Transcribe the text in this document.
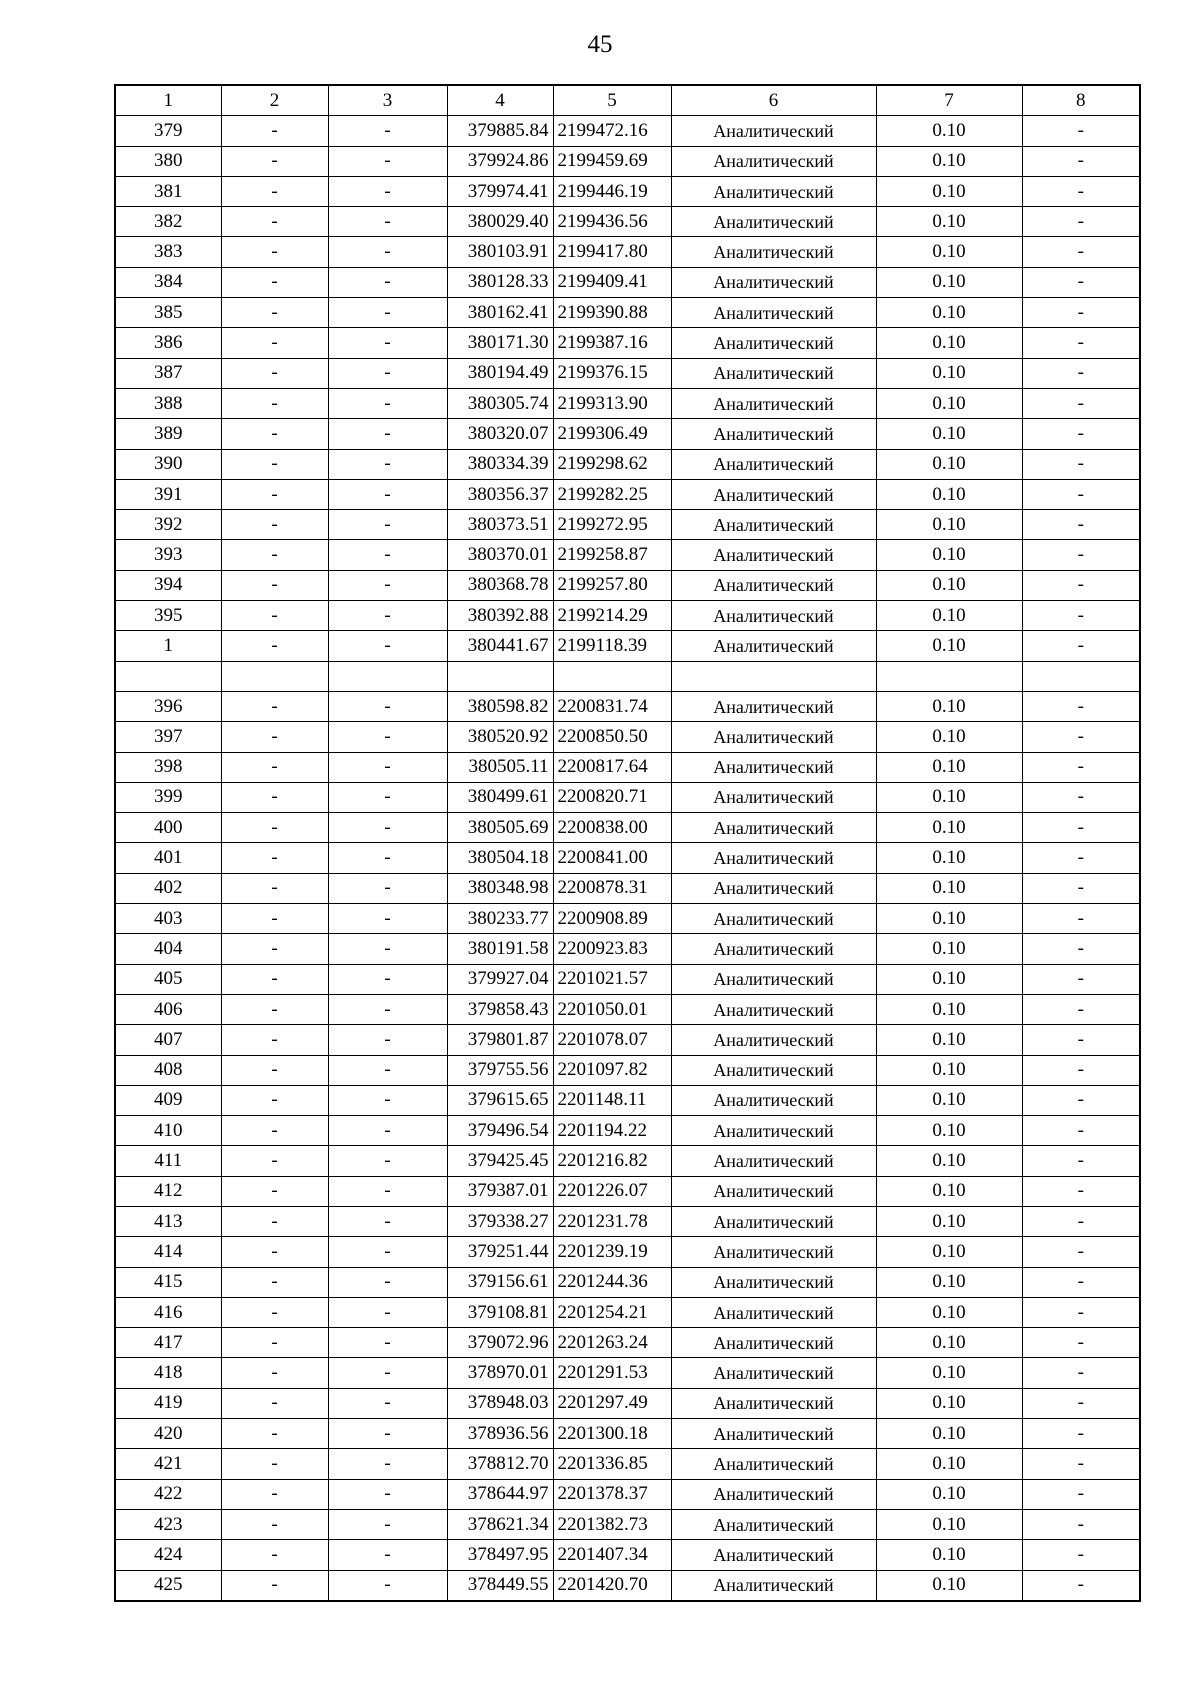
45
1	2	3	4	5	6	7	8
379	-	-	379885.84	2199472.16	Аналитический	0.10	-
380	-	-	379924.86	2199459.69	Аналитический	0.10	-
381	-	-	379974.41	2199446.19	Аналитический	0.10	-
382	-	-	380029.40	2199436.56	Аналитический	0.10	-
383	-	-	380103.91	2199417.80	Аналитический	0.10	-
384	-	-	380128.33	2199409.41	Аналитический	0.10	-
385	-	-	380162.41	2199390.88	Аналитический	0.10	-
386	-	-	380171.30	2199387.16	Аналитический	0.10	-
387	-	-	380194.49	2199376.15	Аналитический	0.10	-
388	-	-	380305.74	2199313.90	Аналитический	0.10	-
389	-	-	380320.07	2199306.49	Аналитический	0.10	-
390	-	-	380334.39	2199298.62	Аналитический	0.10	-
391	-	-	380356.37	2199282.25	Аналитический	0.10	-
392	-	-	380373.51	2199272.95	Аналитический	0.10	-
393	-	-	380370.01	2199258.87	Аналитический	0.10	-
394	-	-	380368.78	2199257.80	Аналитический	0.10	-
395	-	-	380392.88	2199214.29	Аналитический	0.10	-
1	-	-	380441.67	2199118.39	Аналитический	0.10	-

396	-	-	380598.82	2200831.74	Аналитический	0.10	-
397	-	-	380520.92	2200850.50	Аналитический	0.10	-
398	-	-	380505.11	2200817.64	Аналитический	0.10	-
399	-	-	380499.61	2200820.71	Аналитический	0.10	-
400	-	-	380505.69	2200838.00	Аналитический	0.10	-
401	-	-	380504.18	2200841.00	Аналитический	0.10	-
402	-	-	380348.98	2200878.31	Аналитический	0.10	-
403	-	-	380233.77	2200908.89	Аналитический	0.10	-
404	-	-	380191.58	2200923.83	Аналитический	0.10	-
405	-	-	379927.04	2201021.57	Аналитический	0.10	-
406	-	-	379858.43	2201050.01	Аналитический	0.10	-
407	-	-	379801.87	2201078.07	Аналитический	0.10	-
408	-	-	379755.56	2201097.82	Аналитический	0.10	-
409	-	-	379615.65	2201148.11	Аналитический	0.10	-
410	-	-	379496.54	2201194.22	Аналитический	0.10	-
411	-	-	379425.45	2201216.82	Аналитический	0.10	-
412	-	-	379387.01	2201226.07	Аналитический	0.10	-
413	-	-	379338.27	2201231.78	Аналитический	0.10	-
414	-	-	379251.44	2201239.19	Аналитический	0.10	-
415	-	-	379156.61	2201244.36	Аналитический	0.10	-
416	-	-	379108.81	2201254.21	Аналитический	0.10	-
417	-	-	379072.96	2201263.24	Аналитический	0.10	-
418	-	-	378970.01	2201291.53	Аналитический	0.10	-
419	-	-	378948.03	2201297.49	Аналитический	0.10	-
420	-	-	378936.56	2201300.18	Аналитический	0.10	-
421	-	-	378812.70	2201336.85	Аналитический	0.10	-
422	-	-	378644.97	2201378.37	Аналитический	0.10	-
423	-	-	378621.34	2201382.73	Аналитический	0.10	-
424	-	-	378497.95	2201407.34	Аналитический	0.10	-
425	-	-	378449.55	2201420.70	Аналитический	0.10	-
